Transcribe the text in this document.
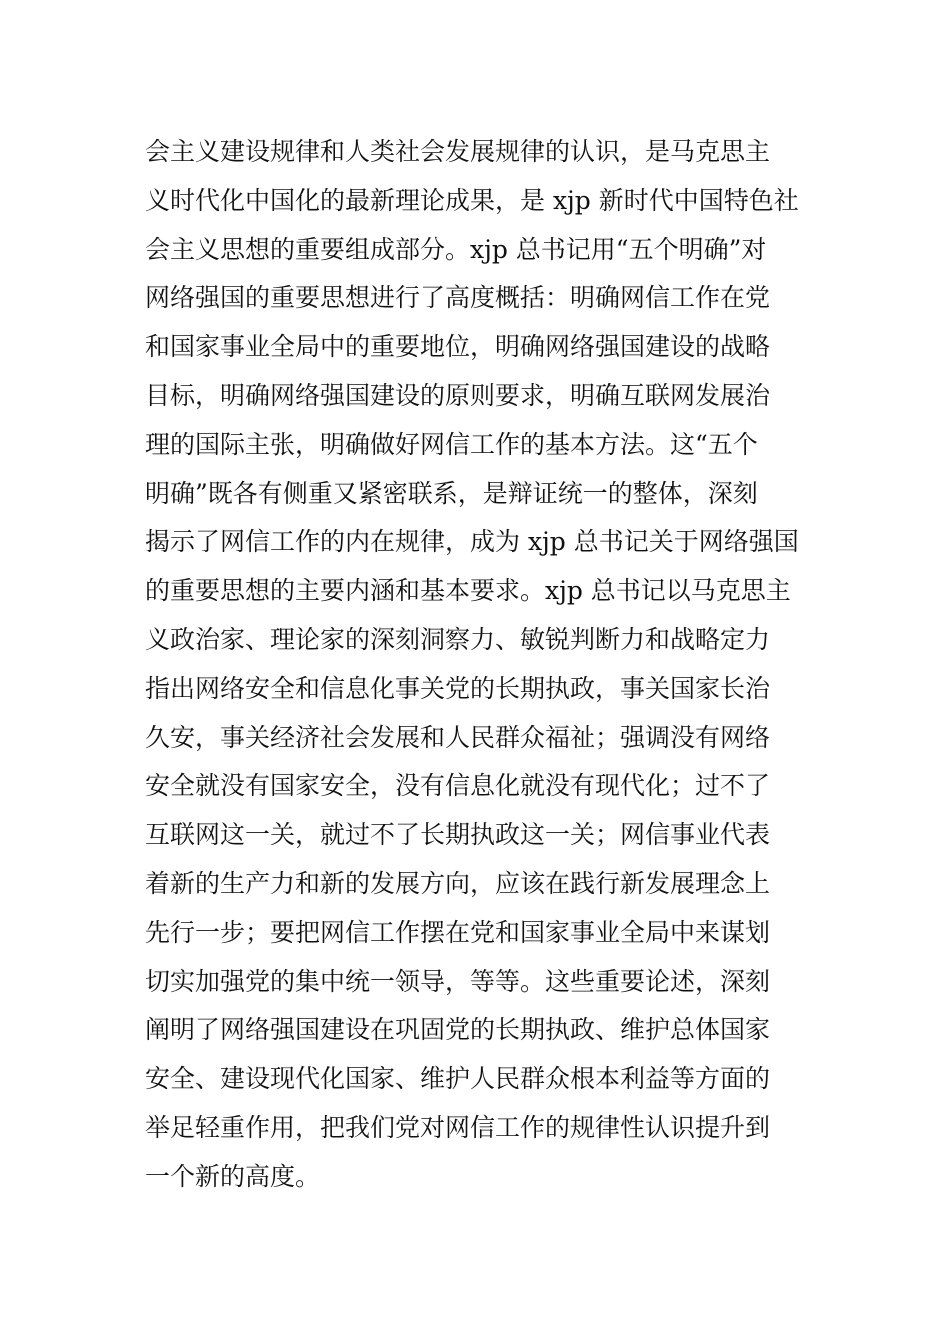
会主义建设规律和人类社会发展规律的认识，是马克思主
义时代化中国化的最新理论成果，是 xjp 新时代中国特色社
会主义思想的重要组成部分。xjp 总书记用“五个明确”对
网络强国的重要思想进行了高度概括：明确网信工作在党
和国家事业全局中的重要地位，明确网络强国建设的战略
目标，明确网络强国建设的原则要求，明确互联网发展治
理的国际主张，明确做好网信工作的基本方法。这“五个
明确”既各有侧重又紧密联系，是辩证统一的整体，深刻
揭示了网信工作的内在规律，成为 xjp 总书记关于网络强国
的重要思想的主要内涵和基本要求。xjp 总书记以马克思主
义政治家、理论家的深刻洞察力、敏锐判断力和战略定力
指出网络安全和信息化事关党的长期执政，事关国家长治
久安，事关经济社会发展和人民群众福祉；强调没有网络
安全就没有国家安全，没有信息化就没有现代化；过不了
互联网这一关，就过不了长期执政这一关；网信事业代表
着新的生产力和新的发展方向，应该在践行新发展理念上
先行一步；要把网信工作摆在党和国家事业全局中来谋划
切实加强党的集中统一领导，等等。这些重要论述，深刻
阐明了网络强国建设在巩固党的长期执政、维护总体国家
安全、建设现代化国家、维护人民群众根本利益等方面的
举足轻重作用，把我们党对网信工作的规律性认识提升到
一个新的高度。
